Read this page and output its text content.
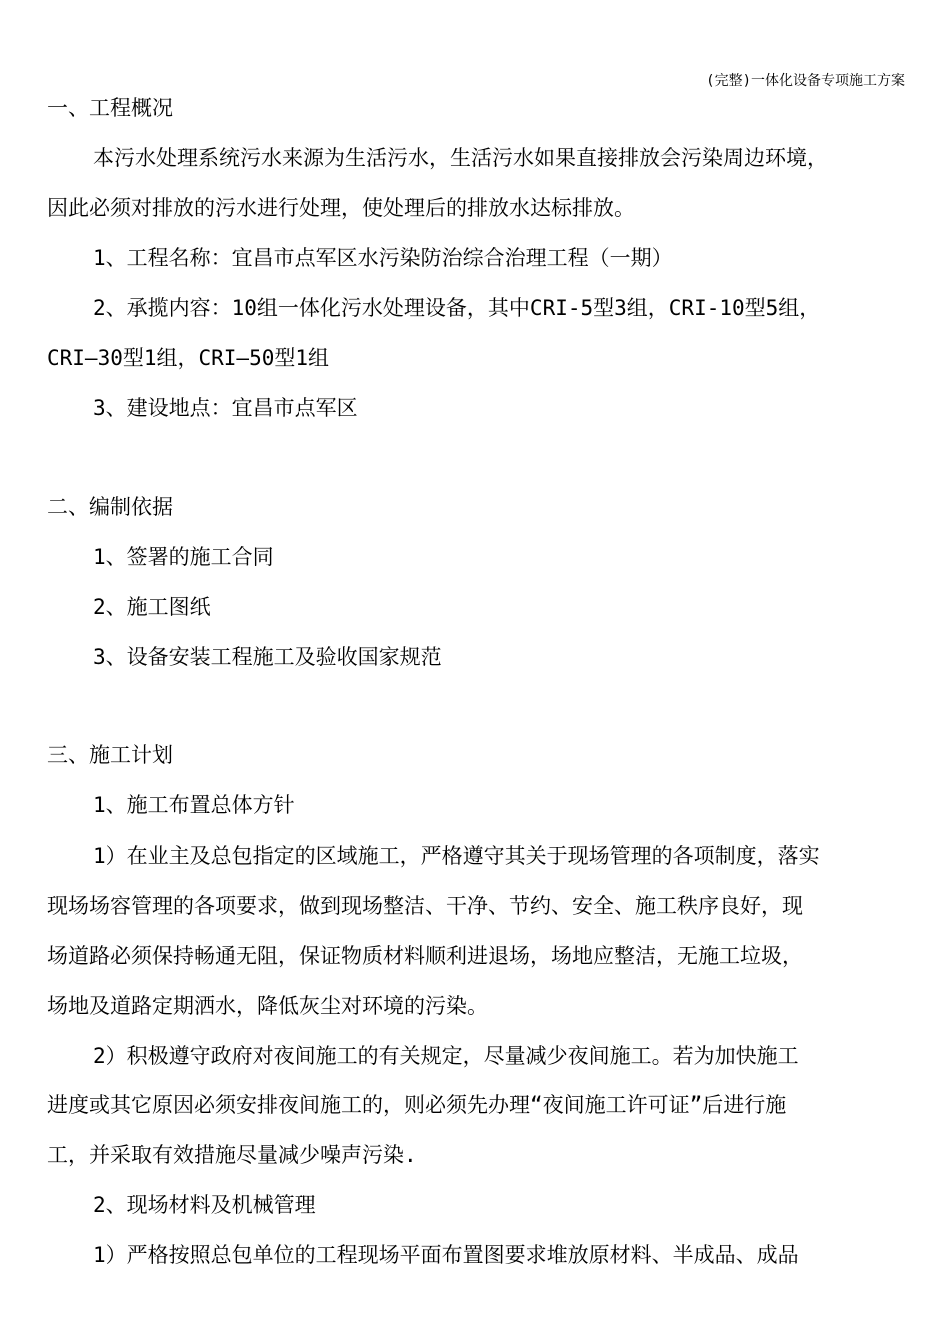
(完整)一体化设备专项施工方案
一、工程概况
本污水处理系统污水来源为生活污水，生活污水如果直接排放会污染周边环境，
因此必须对排放的污水进行处理，使处理后的排放水达标排放。
1、工程名称：宜昌市点军区水污染防治综合治理工程（一期）
2、承揽内容：10组一体化污水处理设备，其中CRI-5型3组，CRI-10型5组，
CRI—30型1组，CRI—50型1组
3、建设地点：宜昌市点军区
二、编制依据
1、签署的施工合同
2、施工图纸
3、设备安装工程施工及验收国家规范
三、施工计划
1、施工布置总体方针
1）在业主及总包指定的区域施工，严格遵守其关于现场管理的各项制度，落实
现场场容管理的各项要求，做到现场整洁、干净、节约、安全、施工秩序良好，现
场道路必须保持畅通无阻，保证物质材料顺利进退场，场地应整洁，无施工垃圾，
场地及道路定期洒水，降低灰尘对环境的污染。
2）积极遵守政府对夜间施工的有关规定，尽量减少夜间施工。若为加快施工
进度或其它原因必须安排夜间施工的，则必须先办理“夜间施工许可证”后进行施
工，并采取有效措施尽量减少噪声污染.
2、现场材料及机械管理
1）严格按照总包单位的工程现场平面布置图要求堆放原材料、半成品、成品
